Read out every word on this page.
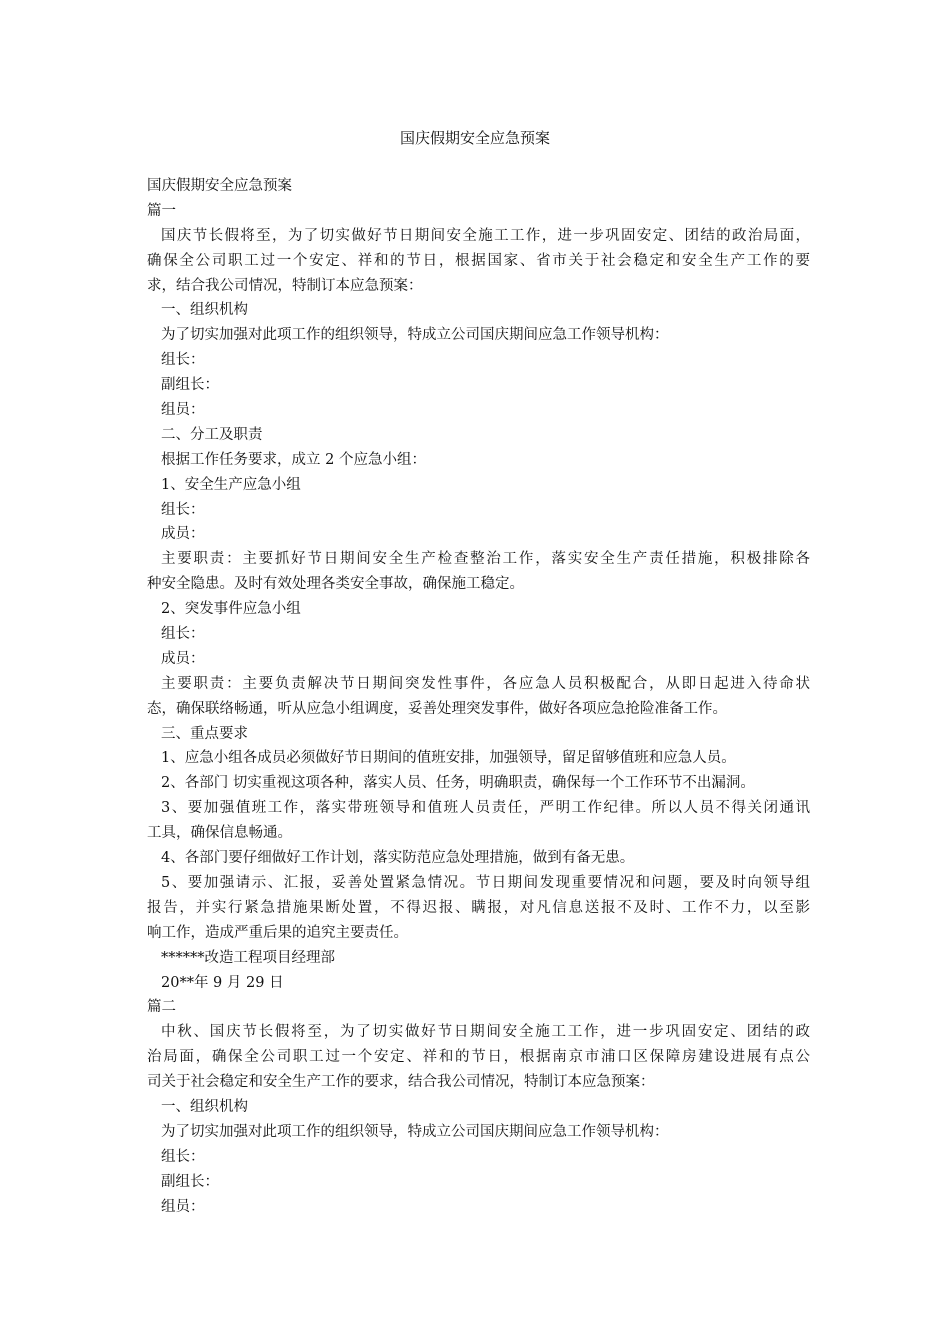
国庆假期安全应急预案

国庆假期安全应急预案

篇一

国庆节长假将至，为了切实做好节日期间安全施工工作，进一步巩固安定、团结的政治局面，

确保全公司职工过一个安定、祥和的节日，根据国家、省市关于社会稳定和安全生产工作的要

求，结合我公司情况，特制订本应急预案：

一、组织机构

为了切实加强对此项工作的组织领导，特成立公司国庆期间应急工作领导机构：

组长：

副组长：

组员：

二、分工及职责

根据工作任务要求，成立 2 个应急小组：

1、安全生产应急小组

组长：

成员：

主要职责：主要抓好节日期间安全生产检查整治工作，落实安全生产责任措施，积极排除各

种安全隐患。及时有效处理各类安全事故，确保施工稳定。

2、突发事件应急小组

组长：

成员：

主要职责：主要负责解决节日期间突发性事件，各应急人员积极配合，从即日起进入待命状

态，确保联络畅通，听从应急小组调度，妥善处理突发事件，做好各项应急抢险准备工作。

三、重点要求

1、应急小组各成员必须做好节日期间的值班安排，加强领导，留足留够值班和应急人员。

2、各部门 切实重视这项各种，落实人员、任务，明确职责，确保每一个工作环节不出漏洞。

3、要加强值班工作，落实带班领导和值班人员责任，严明工作纪律。所以人员不得关闭通讯

工具，确保信息畅通。

4、各部门要仔细做好工作计划，落实防范应急处理措施，做到有备无患。

5、要加强请示、汇报，妥善处置紧急情况。节日期间发现重要情况和问题，要及时向领导组

报告，并实行紧急措施果断处置，不得迟报、瞒报，对凡信息送报不及时、工作不力，以至影

响工作，造成严重后果的追究主要责任。

******改造工程项目经理部

20**年 9 月 29 日

篇二

中秋、国庆节长假将至，为了切实做好节日期间安全施工工作，进一步巩固安定、团结的政

治局面，确保全公司职工过一个安定、祥和的节日，根据南京市浦口区保障房建设进展有点公

司关于社会稳定和安全生产工作的要求，结合我公司情况，特制订本应急预案：

一、组织机构

为了切实加强对此项工作的组织领导，特成立公司国庆期间应急工作领导机构：

组长：

副组长：

组员：
